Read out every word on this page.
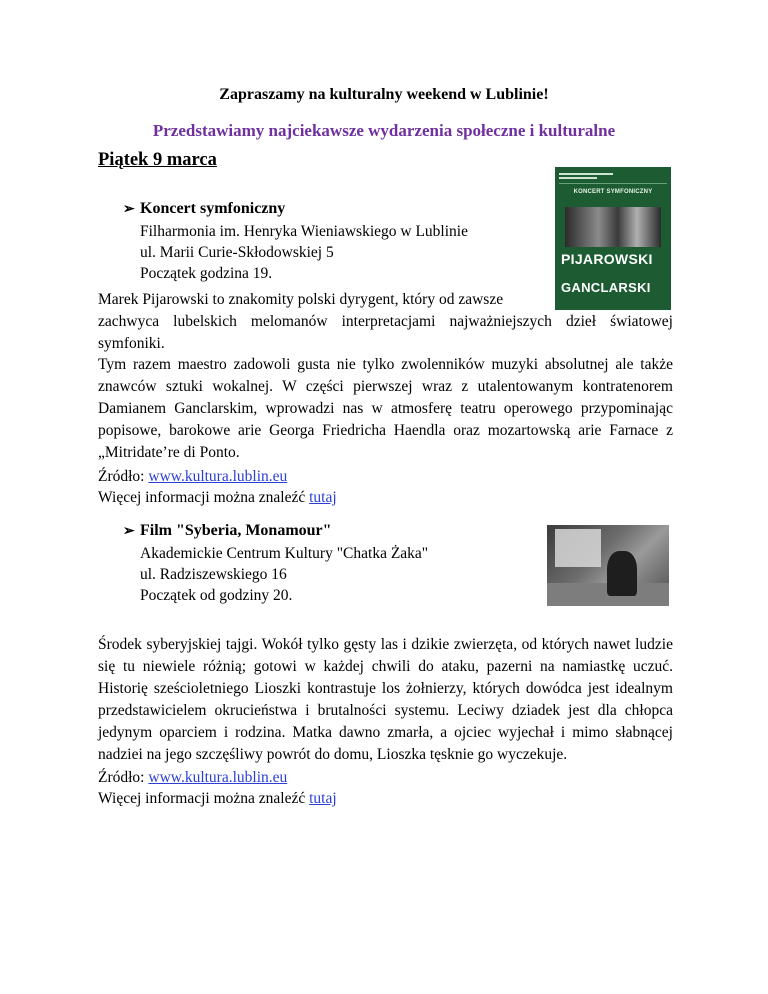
Zapraszamy na kulturalny weekend w Lublinie!
Przedstawiamy najciekawsze wydarzenia społeczne i kulturalne
Piątek 9 marca
➢ Koncert symfoniczny
Filharmonia im. Henryka Wieniawskiego w Lublinie
ul. Marii Curie-Skłodowskiej 5
Początek godzina 19.
KONCERT SYMFONICZNY
PIJAROWSKI
GANCLARSKI
Marek Pijarowski to znakomity polski dyrygent, który od zawsze
zachwyca lubelskich melomanów interpretacjami najważniejszych dzieł światowej symfoniki.
Tym razem maestro zadowoli gusta nie tylko zwolenników muzyki absolutnej ale także znawców sztuki wokalnej. W części pierwszej wraz z utalentowanym kontratenorem Damianem Ganclarskim, wprowadzi nas w atmosferę teatru operowego przypominając popisowe, barokowe arie Georga Friedricha Haendla oraz mozartowską arie Farnace z „Mitridate’re di Ponto.
Źródło: www.kultura.lublin.eu
Więcej informacji można znaleźć tutaj
➢ Film "Syberia, Monamour"
Akademickie Centrum Kultury "Chatka Żaka"
ul. Radziszewskiego 16
Początek od godziny 20.
Środek syberyjskiej tajgi. Wokół tylko gęsty las i dzikie zwierzęta, od których nawet ludzie się tu niewiele różnią; gotowi w każdej chwili do ataku, pazerni na namiastkę uczuć. Historię sześcioletniego Lioszki kontrastuje los żołnierzy, których dowódca jest idealnym przedstawicielem okrucieństwa i brutalności systemu. Leciwy dziadek jest dla chłopca jedynym oparciem i rodzina. Matka dawno zmarła, a ojciec wyjechał i mimo słabnącej nadziei na jego szczęśliwy powrót do domu, Lioszka tęsknie go wyczekuje.
Źródło: www.kultura.lublin.eu
Więcej informacji można znaleźć tutaj
